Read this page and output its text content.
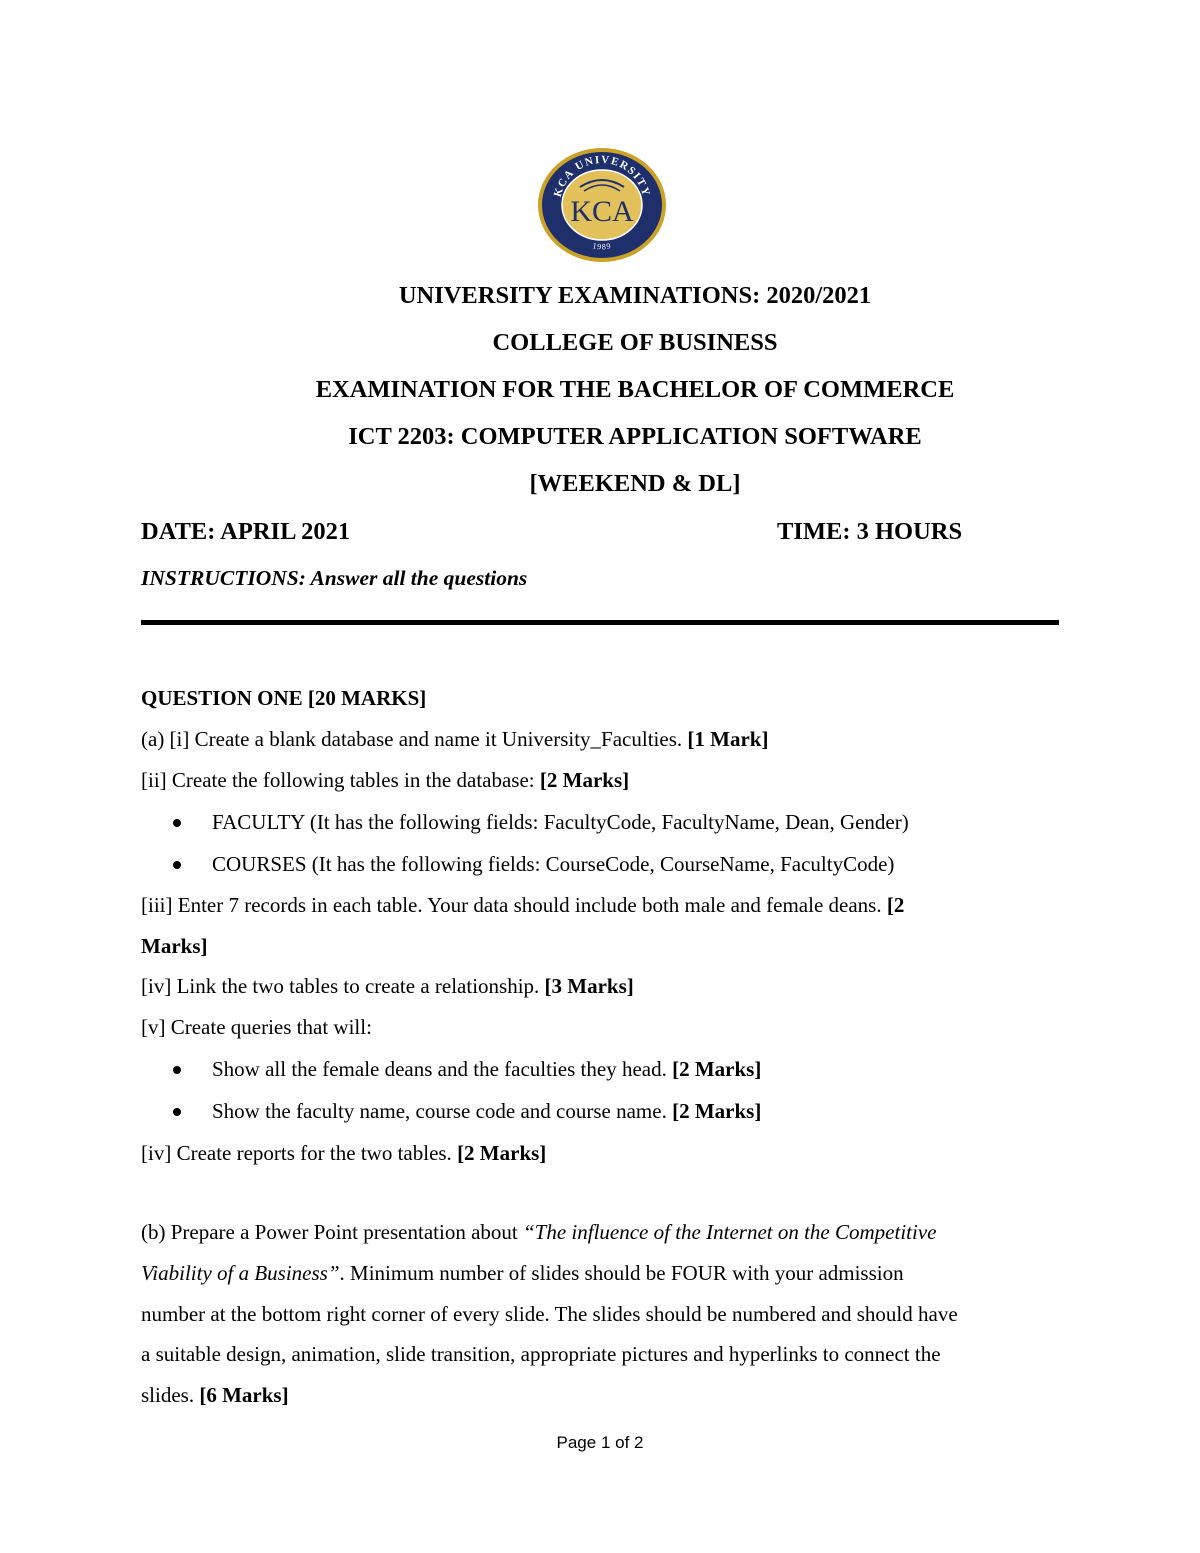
KCA UNIVERSITY
1989
KCA
UNIVERSITY EXAMINATIONS: 2020/2021
COLLEGE OF BUSINESS
EXAMINATION FOR THE BACHELOR OF COMMERCE
ICT 2203: COMPUTER APPLICATION SOFTWARE
[WEEKEND & DL]
DATE: APRIL 2021	TIME: 3 HOURS
INSTRUCTIONS: Answer all the questions
QUESTION ONE [20 MARKS]
(a) [i] Create a blank database and name it University_Faculties. [1 Mark]
[ii] Create the following tables in the database: [2 Marks]
FACULTY (It has the following fields: FacultyCode, FacultyName, Dean, Gender)
COURSES (It has the following fields: CourseCode, CourseName, FacultyCode)
[iii] Enter 7 records in each table. Your data should include both male and female deans. [2
Marks]
[iv] Link the two tables to create a relationship. [3 Marks]
[v] Create queries that will:
Show all the female deans and the faculties they head. [2 Marks]
Show the faculty name, course code and course name. [2 Marks]
[iv] Create reports for the two tables. [2 Marks]
(b) Prepare a Power Point presentation about “The influence of the Internet on the Competitive
Viability of a Business”. Minimum number of slides should be FOUR with your admission
number at the bottom right corner of every slide. The slides should be numbered and should have
a suitable design, animation, slide transition, appropriate pictures and hyperlinks to connect the
slides. [6 Marks]
Page 1 of 2
